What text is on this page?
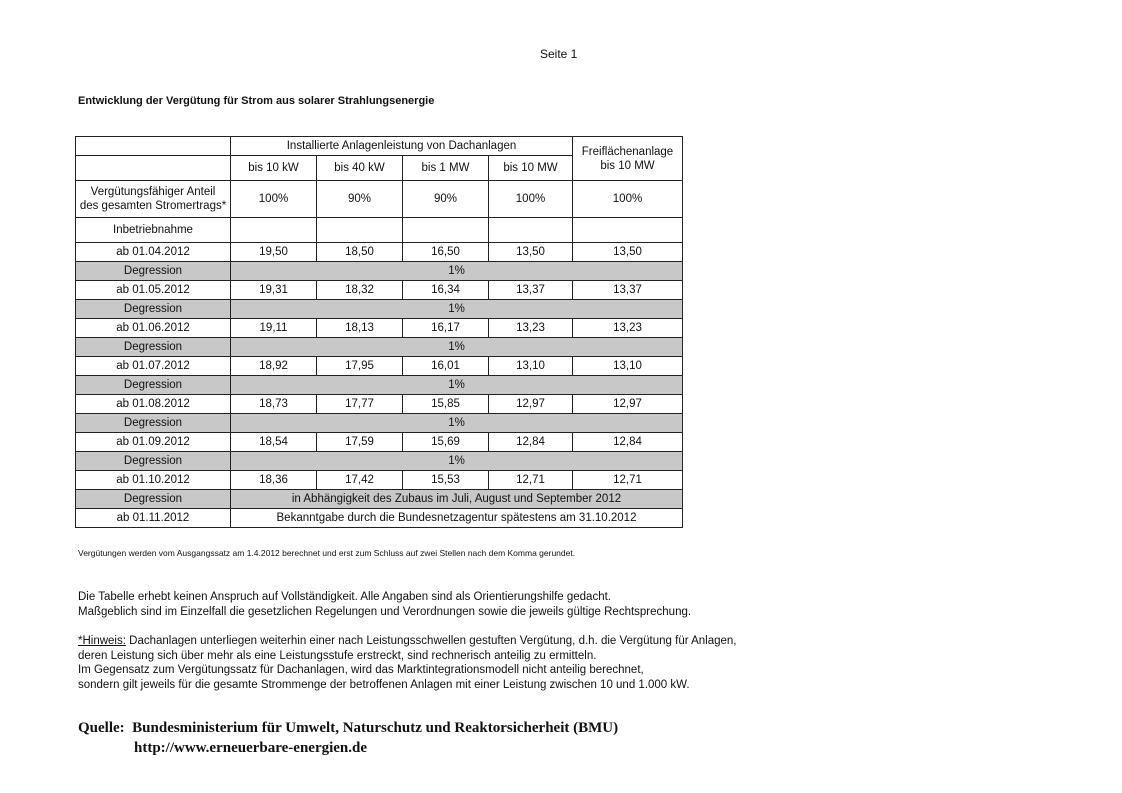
Seite 1
Entwicklung der Vergütung für Strom aus solarer Strahlungsenergie
	Installierte Anlagenleistung von Dachanlagen				Freiflächenanlage
bis 10 MW
	bis 10 kW	bis 40 kW	bis 1 MW	bis 10 MW	
Vergütungsfähiger Anteil
des gesamten Stromertrags*	100%	90%	90%	100%	100%
Inbetriebnahme					
ab 01.04.2012	19,50	18,50	16,50	13,50	13,50
Degression	1%				
ab 01.05.2012	19,31	18,32	16,34	13,37	13,37
Degression	1%				
ab 01.06.2012	19,11	18,13	16,17	13,23	13,23
Degression	1%				
ab 01.07.2012	18,92	17,95	16,01	13,10	13,10
Degression	1%				
ab 01.08.2012	18,73	17,77	15,85	12,97	12,97
Degression	1%				
ab 01.09.2012	18,54	17,59	15,69	12,84	12,84
Degression	1%				
ab 01.10.2012	18,36	17,42	15,53	12,71	12,71
Degression	in Abhängigkeit des Zubaus im Juli, August und September 2012				
ab 01.11.2012	Bekanntgabe durch die Bundesnetzagentur spätestens am 31.10.2012				
Vergütungen werden vom Ausgangssatz am 1.4.2012 berechnet und erst zum Schluss auf zwei Stellen nach dem Komma gerundet.
Die Tabelle erhebt keinen Anspruch auf Vollständigkeit. Alle Angaben sind als Orientierungshilfe gedacht.
Maßgeblich sind im Einzelfall die gesetzlichen Regelungen und Verordnungen sowie die jeweils gültige Rechtsprechung.
*Hinweis: Dachanlagen unterliegen weiterhin einer nach Leistungsschwellen gestuften Vergütung, d.h. die Vergütung für Anlagen,
deren Leistung sich über mehr als eine Leistungsstufe erstreckt, sind rechnerisch anteilig zu ermitteln.
Im Gegensatz zum Vergütungssatz für Dachanlagen, wird das Marktintegrationsmodell nicht anteilig berechnet,
sondern gilt jeweils für die gesamte Strommenge der betroffenen Anlagen mit einer Leistung zwischen 10 und 1.000 kW.
Quelle: Bundesministerium für Umwelt, Naturschutz und Reaktorsicherheit (BMU)
http://www.erneuerbare-energien.de
